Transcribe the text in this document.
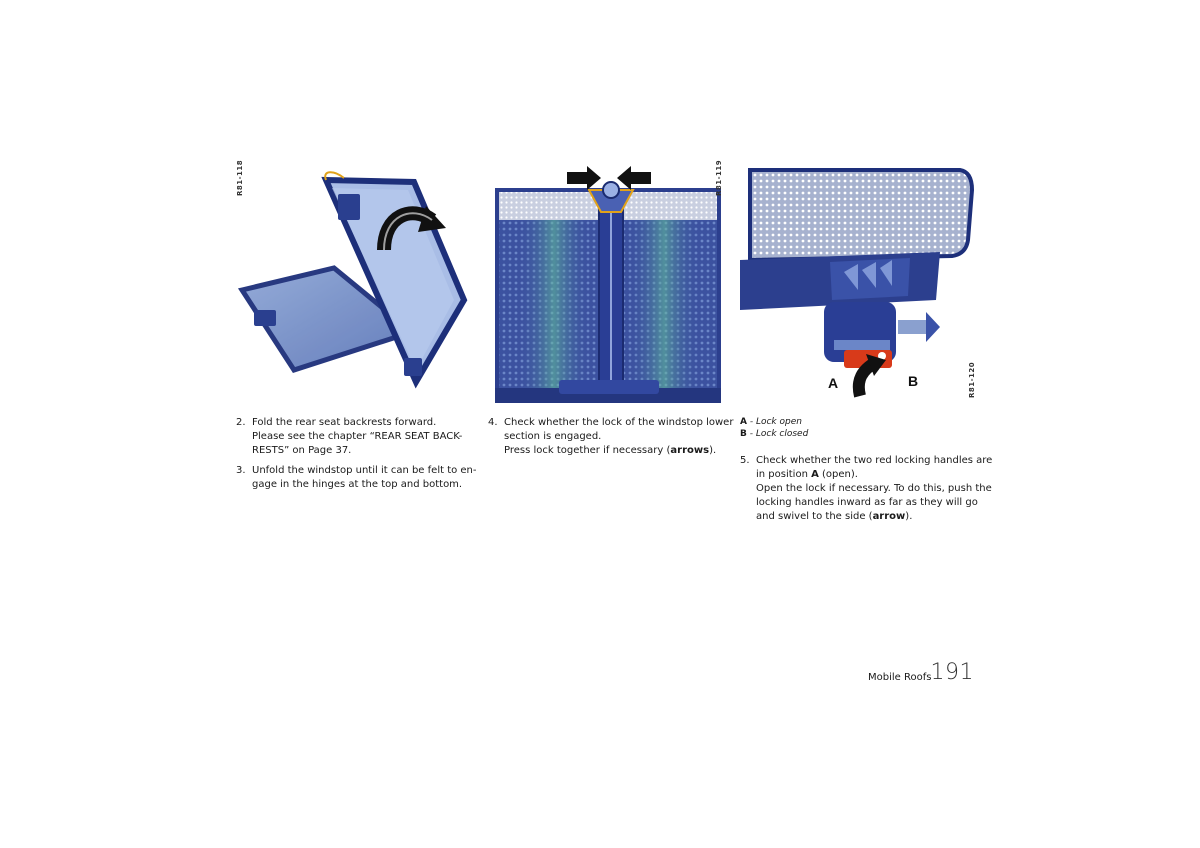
R81-118	R81-119
A	B	R81-120
2. Fold the rear seat backrests forward.
Please see the chapter “REAR SEAT BACK-
RESTS” on Page 37.
3. Unfold the windstop until it can be felt to en-
gage in the hinges at the top and bottom.
4. Check whether the lock of the windstop lower
section is engaged.
Press lock together if necessary (arrows).
A - Lock open
B - Lock closed
5. Check whether the two red locking handles are
in position A (open).
Open the lock if necessary. To do this, push the
locking handles inward as far as they will go
and swivel to the side (arrow).
Mobile Roofs 191
